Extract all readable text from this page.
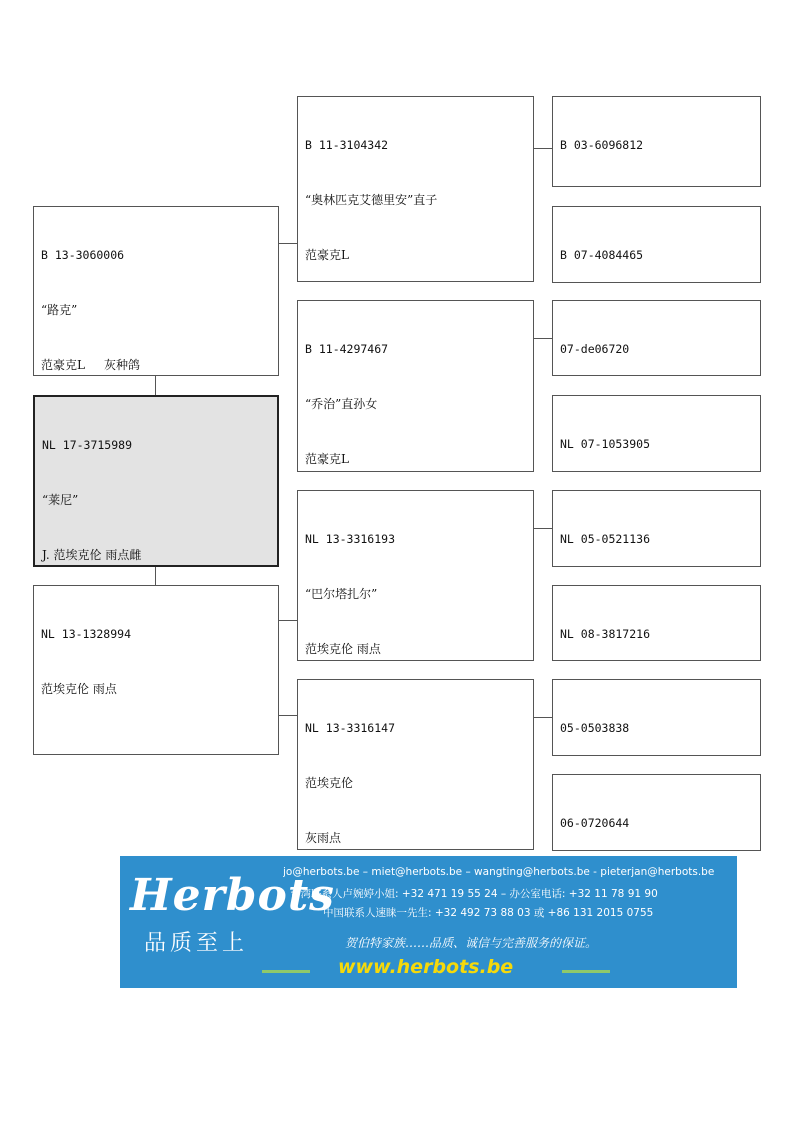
B 13-3060006

“路克”

范豪克L     灰种鸽

NL 17-3715989

“莱尼”

J. 范埃克伦 雨点雌

NL 13-1328994

范埃克伦 雨点

B 11-3104342

“奥林匹克艾德里安”直子

范豪克L

B 11-4297467

“乔治”直孙女

范豪克L

NL 13-3316193

“巴尔塔扎尔”

范埃克伦 雨点

NL 13-3316147

范埃克伦

灰雨点

B 03-6096812

B 07-4084465

07-de06720

NL 07-1053905

NL 05-0521136

NL 08-3817216

05-0503838

06-0720644

Herbots
品质至上
jo@herbots.be – miet@herbots.be – wangting@herbots.be - pieterjan@herbots.be
台湾联系人卢婉婷小姐: +32 471 19 55 24 – 办公室电话: +32 11 78 91 90
中国联系人速睐一先生: +32 492 73 88 03 或 +86 131 2015 0755
贺伯特家族……品质、诚信与完善服务的保证。
www.herbots.be
